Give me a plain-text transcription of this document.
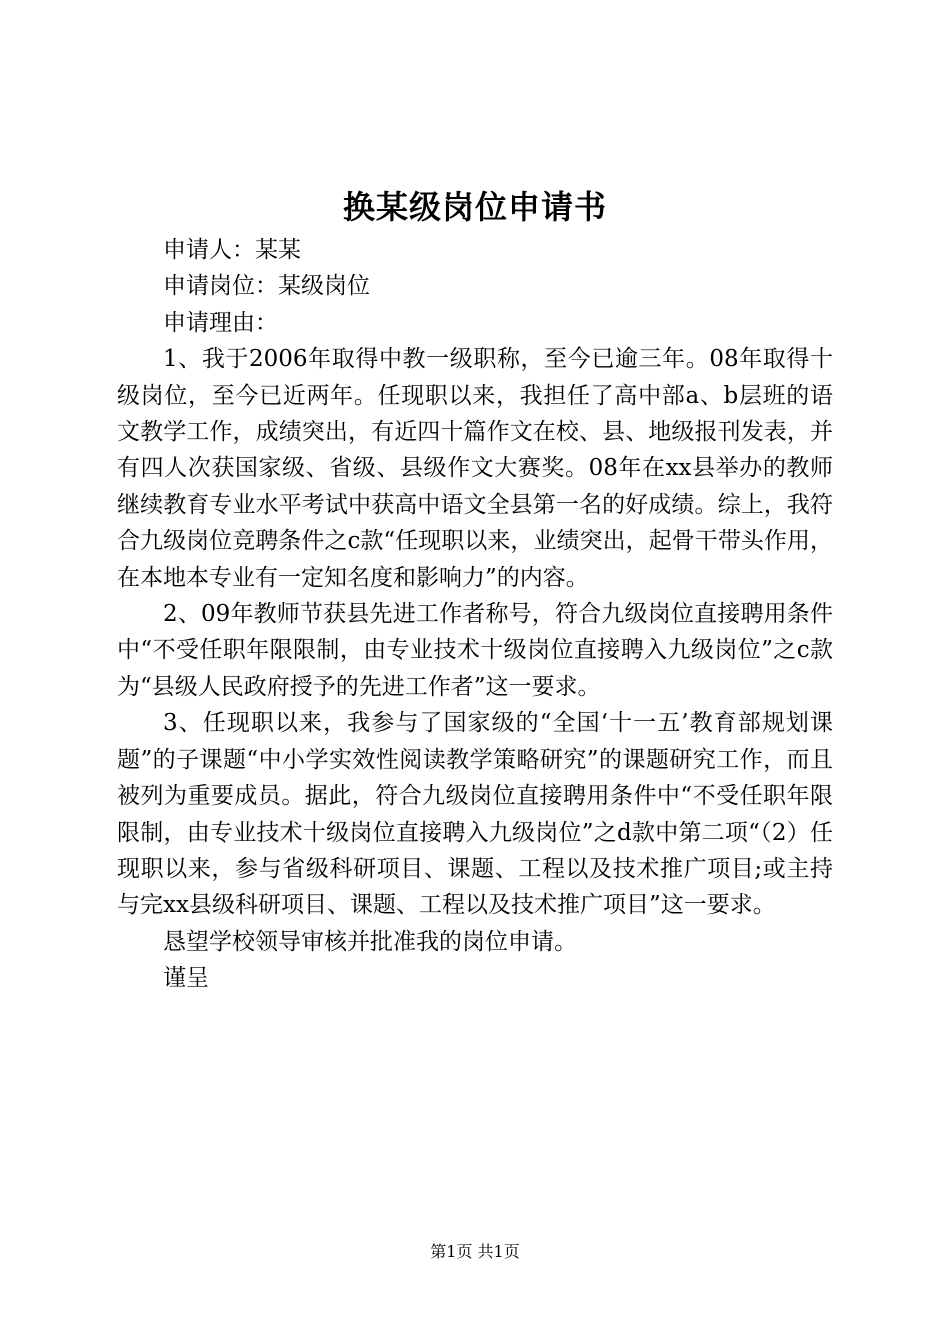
换某级岗位申请书

申请人：某某

申请岗位：某级岗位

申请理由：

1、我于2006年取得中教一级职称，至今已逾三年。08年取得十级岗位，至今已近两年。任现职以来，我担任了高中部a、b层班的语文教学工作，成绩突出，有近四十篇作文在校、县、地级报刊发表，并有四人次获国家级、省级、县级作文大赛奖。08年在xx县举办的教师继续教育专业水平考试中获高中语文全县第一名的好成绩。综上，我符合九级岗位竞聘条件之c款“任现职以来，业绩突出，起骨干带头作用，在本地本专业有一定知名度和影响力”的内容。

2、09年教师节获县先进工作者称号，符合九级岗位直接聘用条件中“不受任职年限限制，由专业技术十级岗位直接聘入九级岗位”之c款为“县级人民政府授予的先进工作者”这一要求。

3、任现职以来，我参与了国家级的“全国‘十一五’教育部规划课题”的子课题“中小学实效性阅读教学策略研究”的课题研究工作，而且被列为重要成员。据此，符合九级岗位直接聘用条件中“不受任职年限限制，由专业技术十级岗位直接聘入九级岗位”之d款中第二项“（2）任现职以来，参与省级科研项目、课题、工程以及技术推广项目;或主持与完xx县级科研项目、课题、工程以及技术推广项目”这一要求。

恳望学校领导审核并批准我的岗位申请。

谨呈

第1页 共1页
